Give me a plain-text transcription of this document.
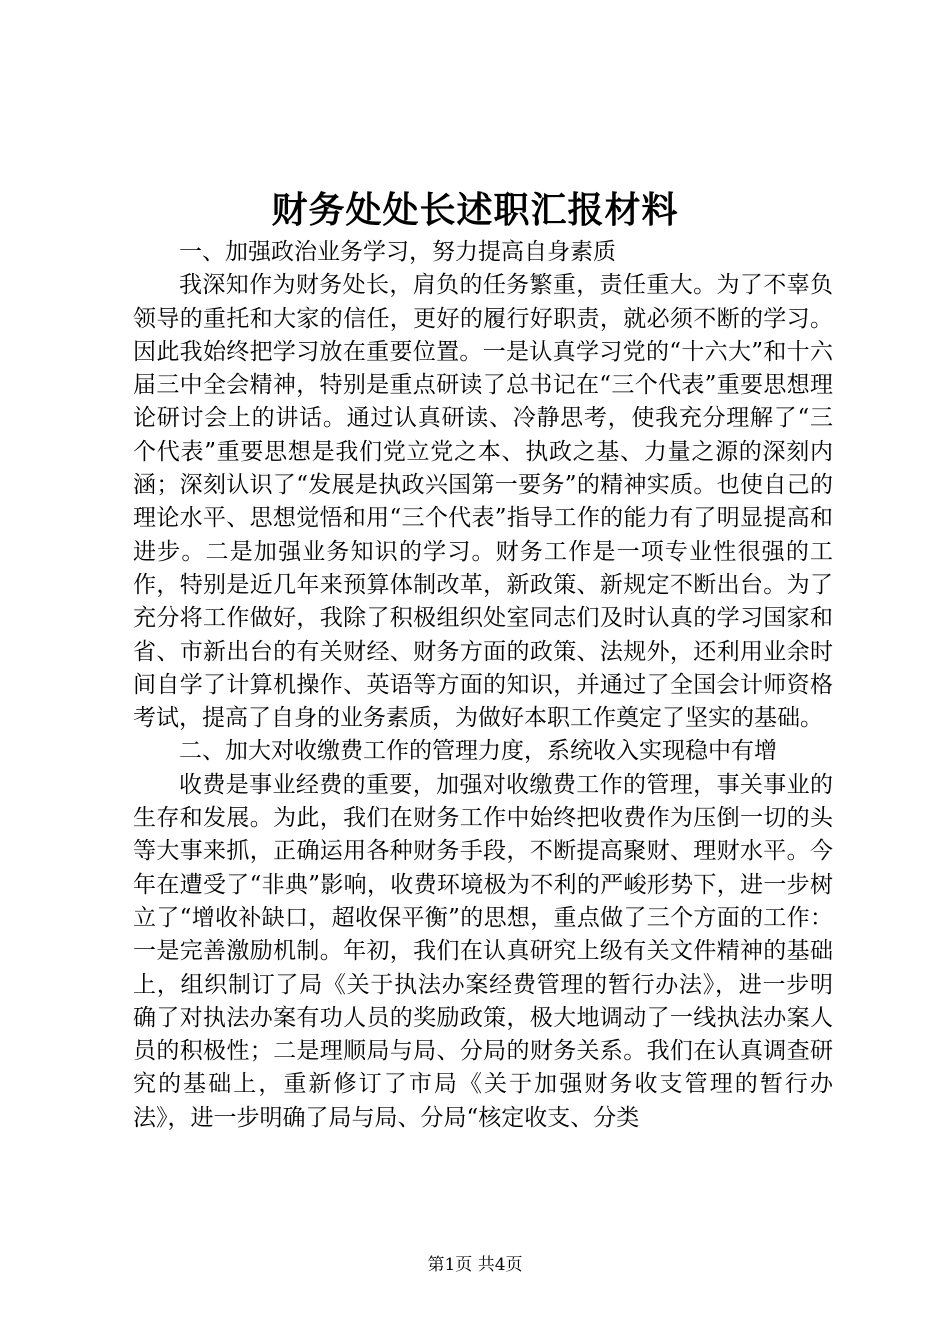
财务处处长述职汇报材料

一、加强政治业务学习，努力提高自身素质

我深知作为财务处长，肩负的任务繁重，责任重大。为了不辜负领导的重托和大家的信任，更好的履行好职责，就必须不断的学习。因此我始终把学习放在重要位置。一是认真学习党的“十六大”和十六届三中全会精神，特别是重点研读了总书记在“三个代表”重要思想理论研讨会上的讲话。通过认真研读、冷静思考，使我充分理解了“三个代表”重要思想是我们党立党之本、执政之基、力量之源的深刻内涵；深刻认识了“发展是执政兴国第一要务”的精神实质。也使自己的理论水平、思想觉悟和用“三个代表”指导工作的能力有了明显提高和进步。二是加强业务知识的学习。财务工作是一项专业性很强的工作，特别是近几年来预算体制改革，新政策、新规定不断出台。为了充分将工作做好，我除了积极组织处室同志们及时认真的学习国家和省、市新出台的有关财经、财务方面的政策、法规外，还利用业余时间自学了计算机操作、英语等方面的知识，并通过了全国会计师资格考试，提高了自身的业务素质，为做好本职工作奠定了坚实的基础。

二、加大对收缴费工作的管理力度，系统收入实现稳中有增

收费是事业经费的重要，加强对收缴费工作的管理，事关事业的生存和发展。为此，我们在财务工作中始终把收费作为压倒一切的头等大事来抓，正确运用各种财务手段，不断提高聚财、理财水平。今年在遭受了“非典”影响，收费环境极为不利的严峻形势下，进一步树立了“增收补缺口，超收保平衡”的思想，重点做了三个方面的工作：一是完善激励机制。年初，我们在认真研究上级有关文件精神的基础上，组织制订了局《关于执法办案经费管理的暂行办法》，进一步明确了对执法办案有功人员的奖励政策，极大地调动了一线执法办案人员的积极性；二是理顺局与局、分局的财务关系。我们在认真调查研究的基础上，重新修订了市局《关于加强财务收支管理的暂行办法》，进一步明确了局与局、分局“核定收支、分类

第1页 共4页
